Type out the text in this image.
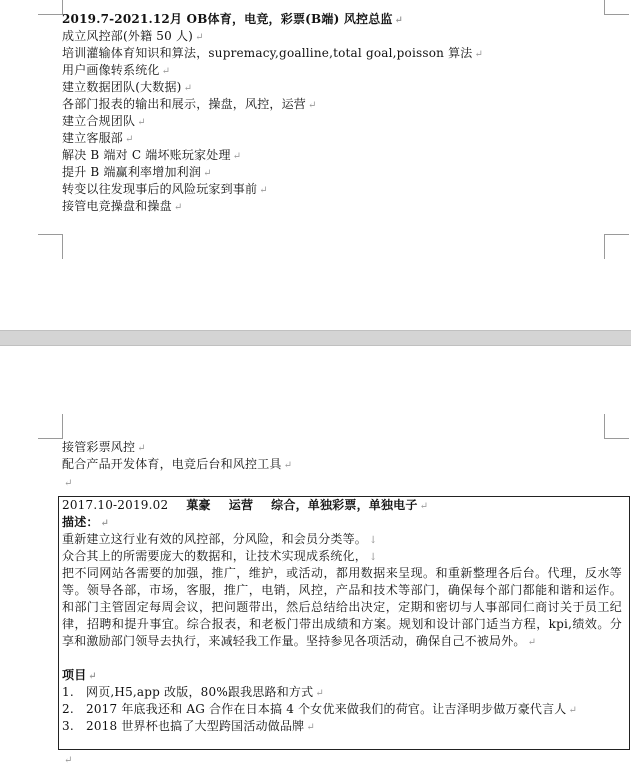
2019.7-2021.12月 OB体育，电竞，彩票(B端) 风控总监 ↵
成立风控部(外籍 50 人) ↵
培训灌输体育知识和算法，supremacy,goalline,total goal,poisson 算法 ↵
用户画像转系统化 ↵
建立数据团队(大数据) ↵
各部门报表的输出和展示，操盘，风控，运营 ↵
建立合规团队 ↵
建立客服部 ↵
解决 B 端对 C 端坏账玩家处理 ↵
提升 B 端赢利率增加利润 ↵
转变以往发现事后的风险玩家到事前 ↵
接管电竞操盘和操盘 ↵
接管彩票风控 ↵
配合产品开发体育，电竞后台和风控工具 ↵
↵
2017.10-2019.02 菓豪 运营 综合，单独彩票，单独电子 ↵
描述： ↵
重新建立这行业有效的风控部，分风险，和会员分类等。 ↓
众合其上的所需要庞大的数据和，让技术实现成系统化， ↓
把不同网站各需要的加强，推广，维护，或活动，都用数据来呈现。和重新整理各后台。代理，反水等等。领导各部，市场，客服，推广，电销，风控，产品和技术等部门，确保每个部门都能和谐和运作。和部门主管固定每周会议，把问题带出，然后总结给出决定，定期和密切与人事部同仁商讨关于员工纪律，招聘和提升事宜。综合报表，和老板门带出成绩和方案。规划和设计部门适当方程，kpi,绩效。分享和激励部门领导去执行，来减轻我工作量。坚持参见各项活动，确保自己不被局外。 ↵
项目 ↵
1. 网页,H5,app 改版，80%跟我思路和方式 ↵
2. 2017 年底我还和 AG 合作在日本搞 4 个女优来做我们的荷官。让吉泽明步做万豪代言人 ↵
3. 2018 世界杯也搞了大型跨国活动做品牌 ↵
↵
